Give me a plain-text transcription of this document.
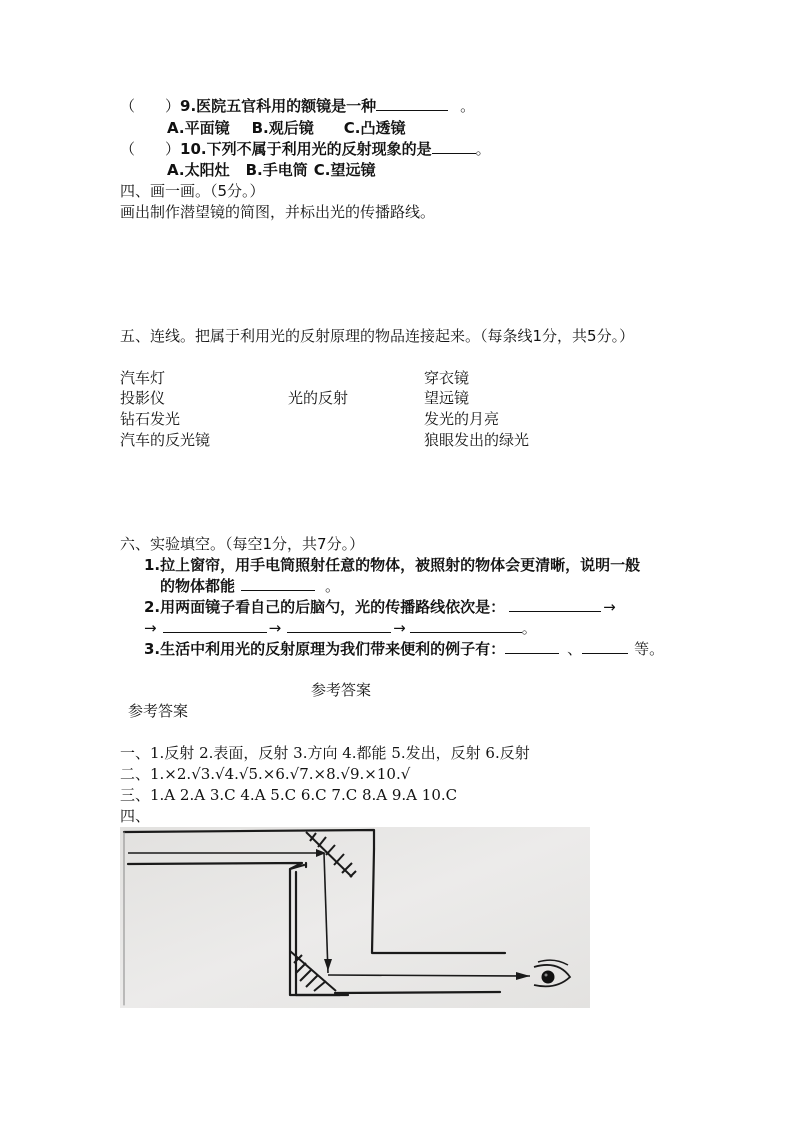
（　　）9.医院五官科用的额镜是一种	。
A.平面镜 B.观后镜 C.凸透镜
（　　）10.下列不属于利用光的反射现象的是	。
A.太阳灶 B.手电筒 C.望远镜
四、画一画。（5分。）
画出制作潜望镜的简图，并标出光的传播路线。
五、连线。把属于利用光的反射原理的物品连接起来。（每条线1分，共5分。）
汽车灯
投影仪
钻石发光
汽车的反光镜
光的反射
穿衣镜
望远镜
发光的月亮
狼眼发出的绿光
六、实验填空。（每空1分，共7分。）
1.拉上窗帘，用手电筒照射任意的物体，被照射的物体会更清晰，说明一般
的物体都能	。
2.用两面镜子看自己的后脑勺，光的传播路线依次是：	→
→	→	→	。
3.生活中利用光的反射原理为我们带来便利的例子有：	、	等。
参考答案
参考答案
一、1.反射 2.表面，反射 3.方向 4.都能 5.发出，反射 6.反射
二、1.×2.√3.√4.√5.×6.√7.×8.√9.×10.√
三、1.A 2.A 3.C 4.A 5.C 6.C 7.C 8.A 9.A 10.C
四、
